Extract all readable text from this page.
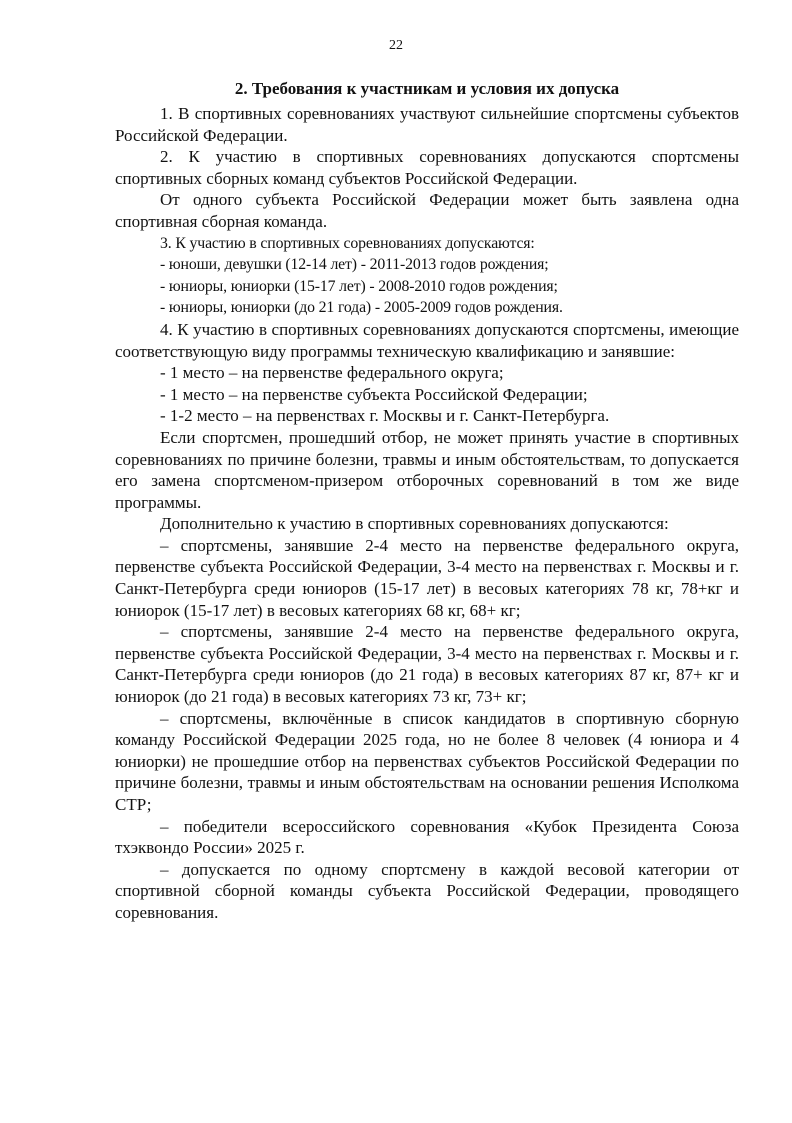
22
2. Требования к участникам и условия их допуска

1. В спортивных соревнованиях участвуют сильнейшие спортсмены субъектов Российской Федерации.

2. К участию в спортивных соревнованиях допускаются спортсмены спортивных сборных команд субъектов Российской Федерации.

От одного субъекта Российской Федерации может быть заявлена одна спортивная сборная команда.

3. К участию в спортивных соревнованиях допускаются:

- юноши, девушки (12-14 лет) - 2011-2013 годов рождения;

- юниоры, юниорки (15-17 лет) - 2008-2010 годов рождения;

- юниоры, юниорки (до 21 года) - 2005-2009 годов рождения.

4. К участию в спортивных соревнованиях допускаются спортсмены, имеющие соответствующую виду программы техническую квалификацию и занявшие:

- 1 место – на первенстве федерального округа;

- 1 место – на первенстве субъекта Российской Федерации;

- 1-2 место – на первенствах г. Москвы и г. Санкт-Петербурга.

Если спортсмен, прошедший отбор, не может принять участие в спортивных соревнованиях по причине болезни, травмы и иным обстоятельствам, то допускается его замена спортсменом-призером отборочных соревнований в том же виде программы.

Дополнительно к участию в спортивных соревнованиях допускаются:

– спортсмены, занявшие 2-4 место на первенстве федерального округа, первенстве субъекта Российской Федерации, 3-4 место на первенствах г. Москвы и г. Санкт-Петербурга среди юниоров (15-17 лет) в весовых категориях 78 кг, 78+кг и юниорок (15-17 лет) в весовых категориях 68 кг, 68+ кг;

– спортсмены, занявшие 2-4 место на первенстве федерального округа, первенстве субъекта Российской Федерации, 3-4 место на первенствах г. Москвы и г. Санкт-Петербурга среди юниоров (до 21 года) в весовых категориях 87 кг, 87+ кг и юниорок (до 21 года) в весовых категориях 73 кг, 73+ кг;

– спортсмены, включённые в список кандидатов в спортивную сборную команду Российской Федерации 2025 года, но не более 8 человек (4 юниора и 4 юниорки) не прошедшие отбор на первенствах субъектов Российской Федерации по причине болезни, травмы и иным обстоятельствам на основании решения Исполкома СТР;

– победители всероссийского соревнования «Кубок Президента Союза тхэквондо России» 2025 г.

– допускается по одному спортсмену в каждой весовой категории от спортивной сборной команды субъекта Российской Федерации, проводящего соревнования.
